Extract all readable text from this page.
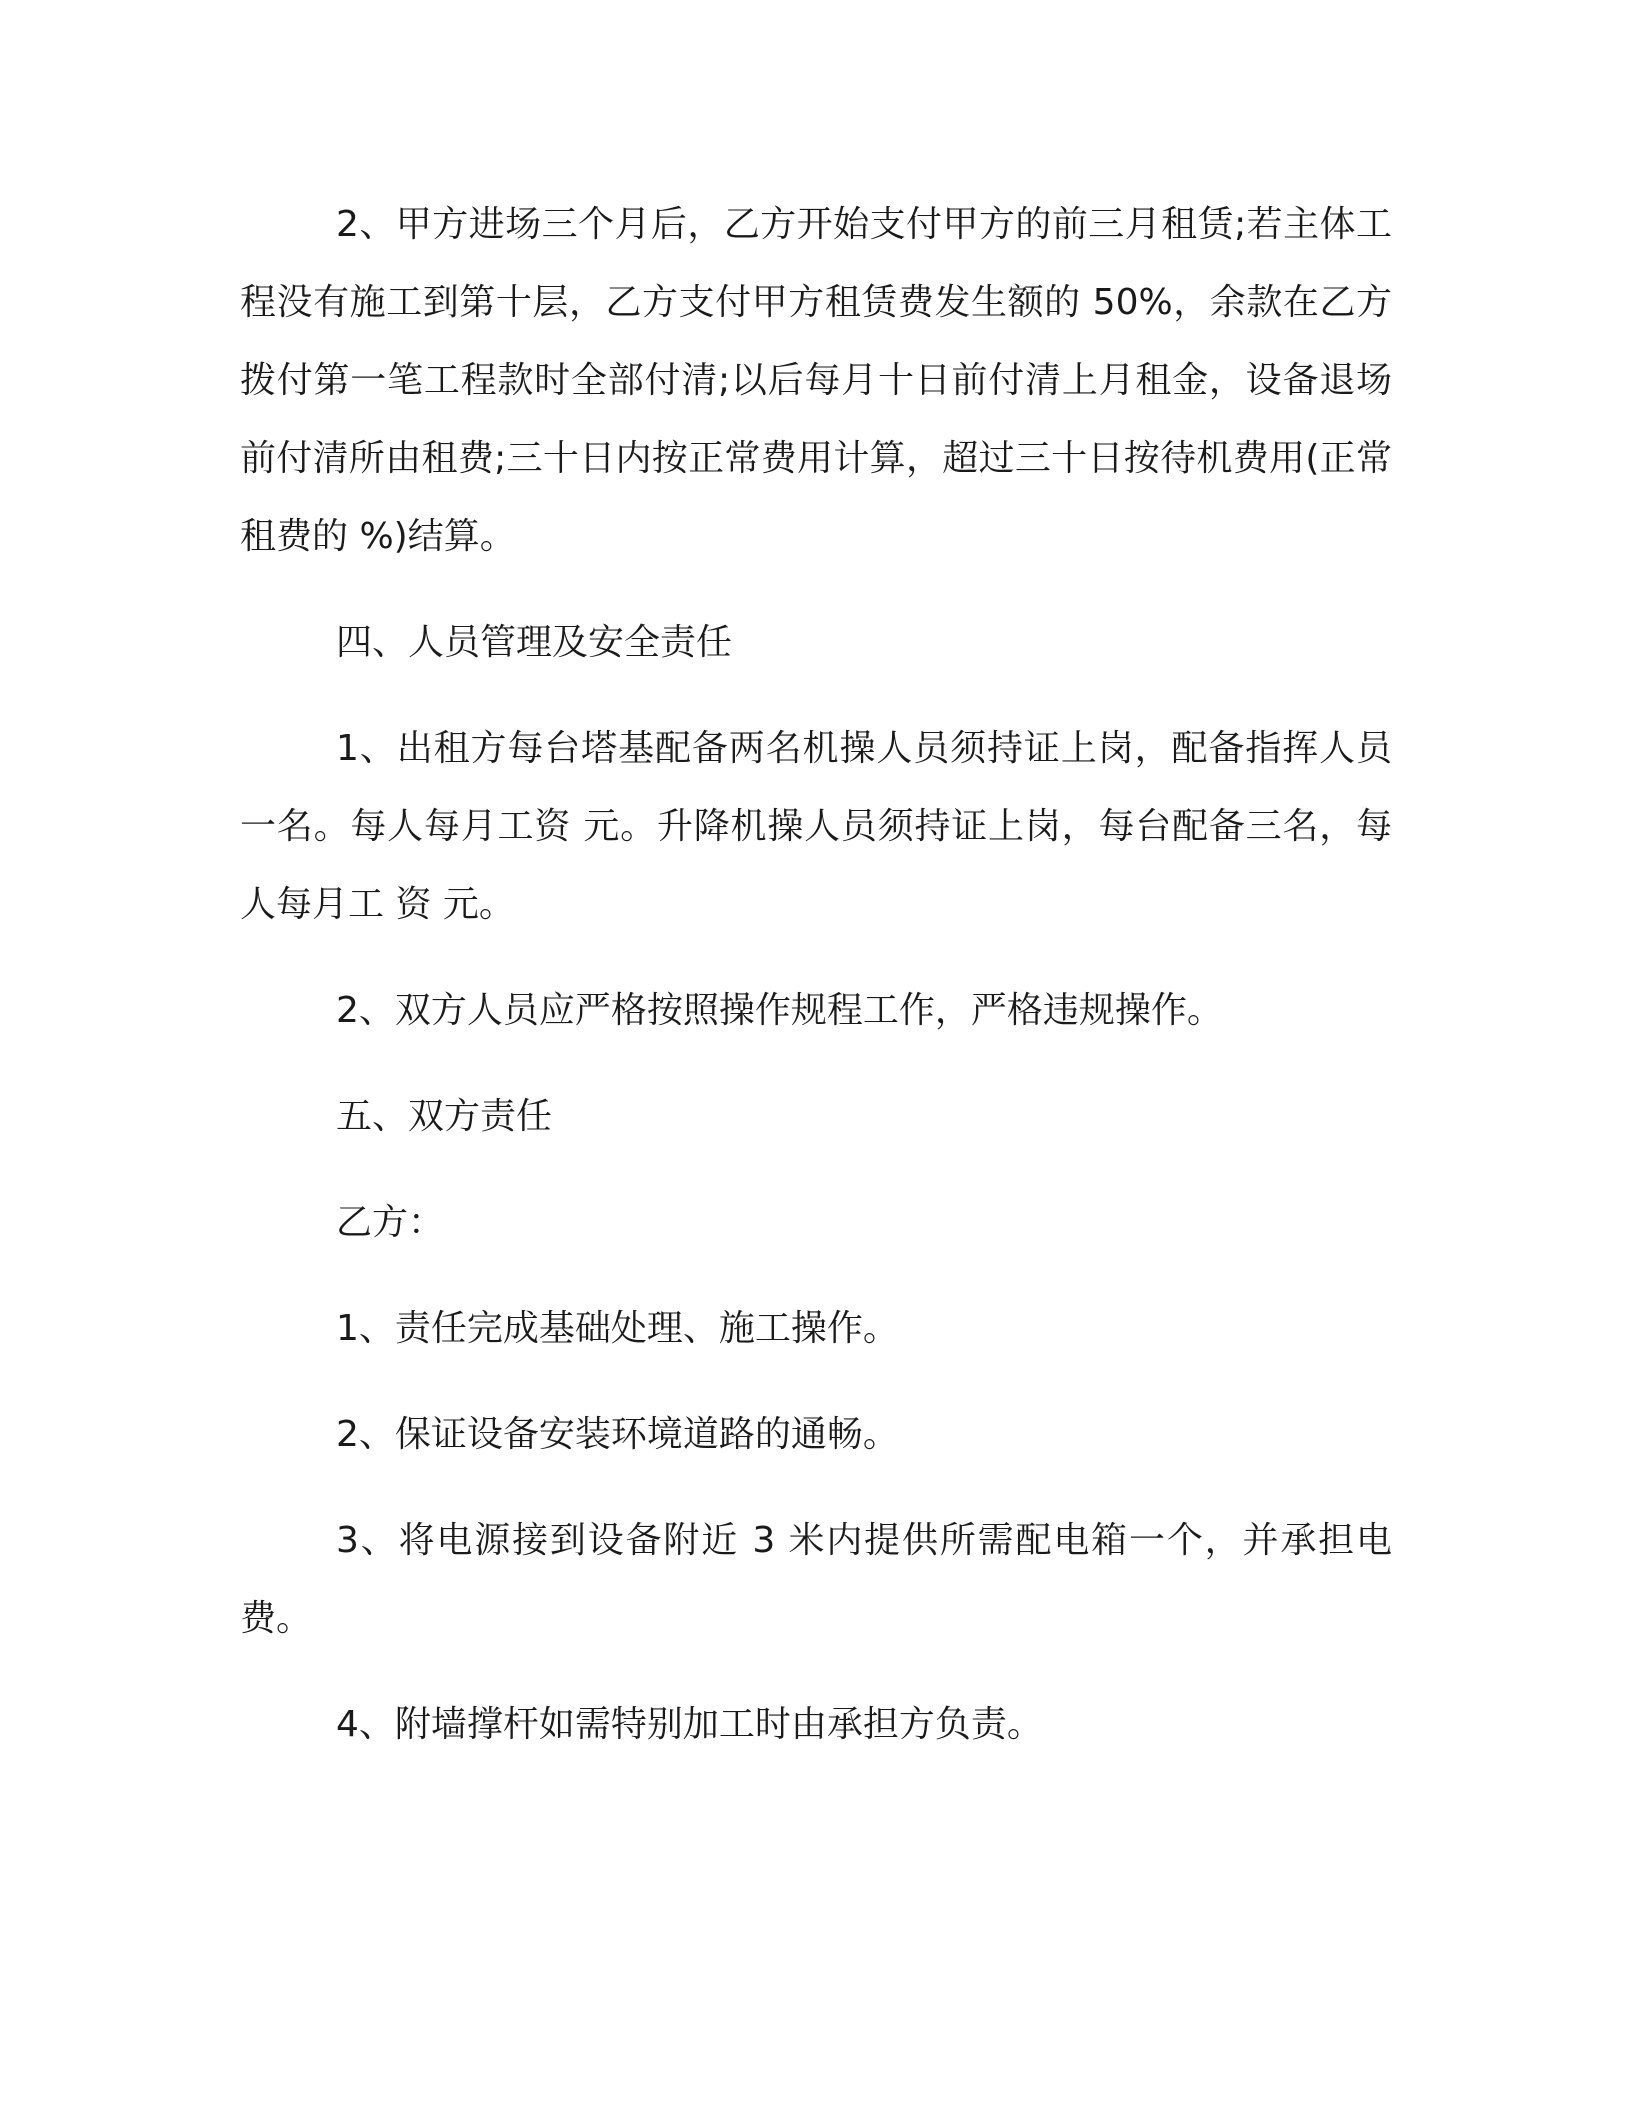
2、甲方进场三个月后，乙方开始支付甲方的前三月租赁;若主体工程没有施工到第十层，乙方支付甲方租赁费发生额的 50%，余款在乙方拨付第一笔工程款时全部付清;以后每月十日前付清上月租金，设备退场前付清所由租费;三十日内按正常费用计算，超过三十日按待机费用(正常租费的 %)结算。

四、人员管理及安全责任

1、出租方每台塔基配备两名机操人员须持证上岗，配备指挥人员一名。每人每月工资 元。升降机操人员须持证上岗，每台配备三名，每人每月工 资 元。

2、双方人员应严格按照操作规程工作，严格违规操作。

五、双方责任

乙方：

1、责任完成基础处理、施工操作。

2、保证设备安装环境道路的通畅。

3、将电源接到设备附近 3 米内提供所需配电箱一个，并承担电费。

4、附墙撑杆如需特别加工时由承担方负责。
